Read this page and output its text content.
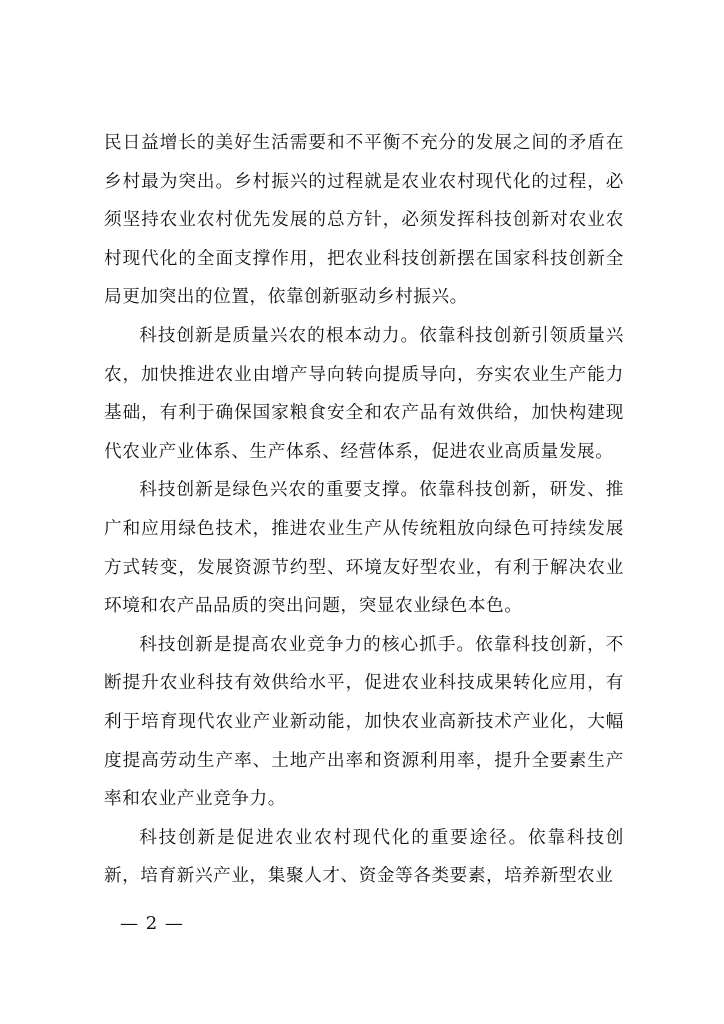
民日益增长的美好生活需要和不平衡不充分的发展之间的矛盾在乡村最为突出。乡村振兴的过程就是农业农村现代化的过程，必须坚持农业农村优先发展的总方针，必须发挥科技创新对农业农村现代化的全面支撑作用，把农业科技创新摆在国家科技创新全局更加突出的位置，依靠创新驱动乡村振兴。

科技创新是质量兴农的根本动力。依靠科技创新引领质量兴农，加快推进农业由增产导向转向提质导向，夯实农业生产能力基础，有利于确保国家粮食安全和农产品有效供给，加快构建现代农业产业体系、生产体系、经营体系，促进农业高质量发展。

科技创新是绿色兴农的重要支撑。依靠科技创新，研发、推广和应用绿色技术，推进农业生产从传统粗放向绿色可持续发展方式转变，发展资源节约型、环境友好型农业，有利于解决农业环境和农产品品质的突出问题，突显农业绿色本色。

科技创新是提高农业竞争力的核心抓手。依靠科技创新，不断提升农业科技有效供给水平，促进农业科技成果转化应用，有利于培育现代农业产业新动能，加快农业高新技术产业化，大幅度提高劳动生产率、土地产出率和资源利用率，提升全要素生产率和农业产业竞争力。

科技创新是促进农业农村现代化的重要途径。依靠科技创新，培育新兴产业，集聚人才、资金等各类要素，培养新型农业

— 2 —
